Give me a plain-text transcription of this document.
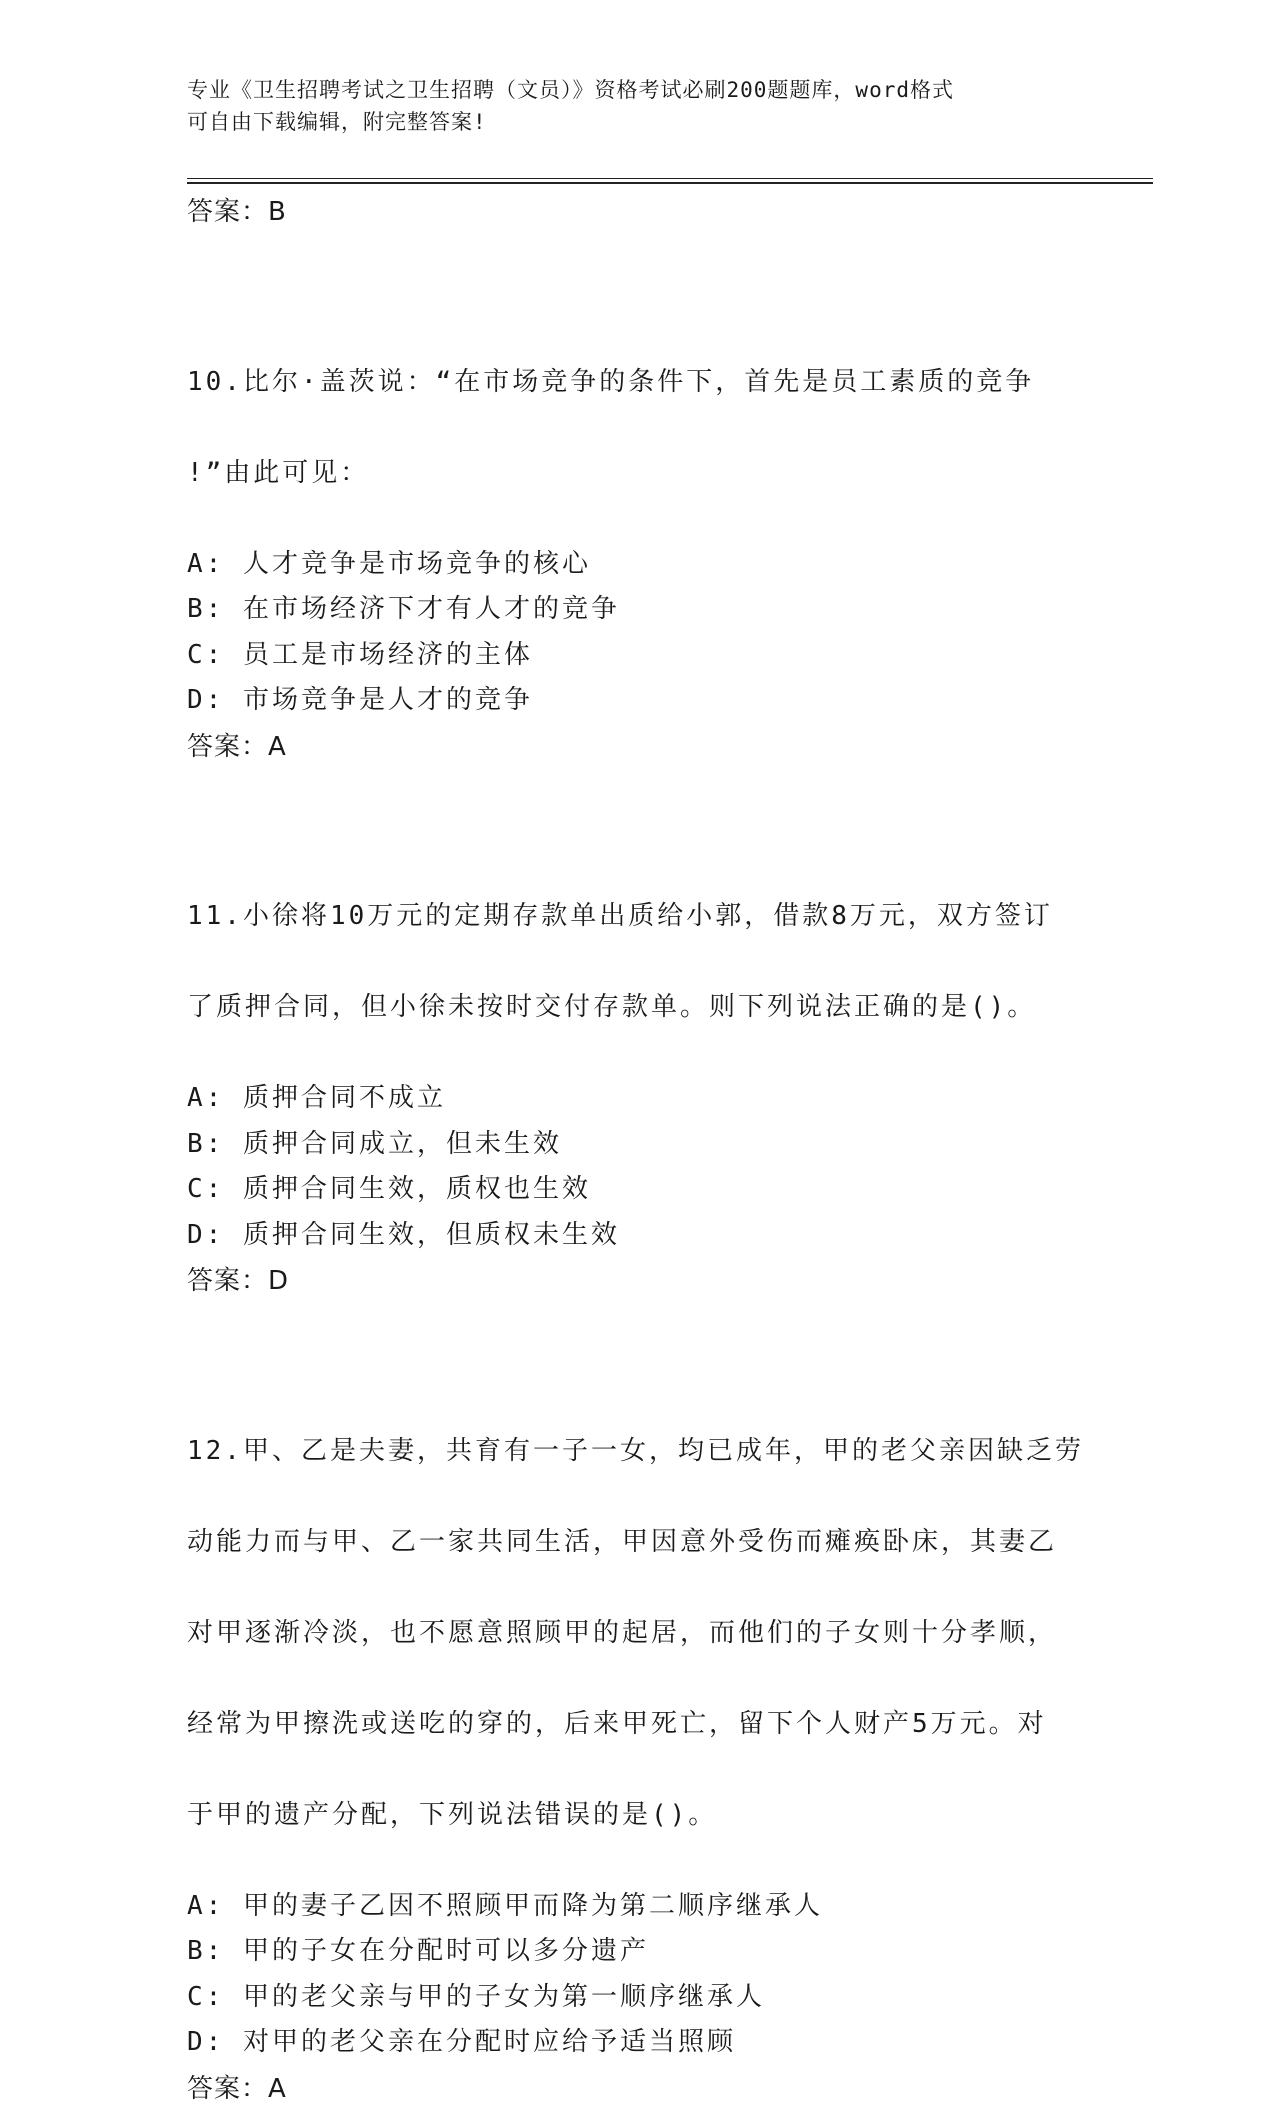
专业《卫生招聘考试之卫生招聘（文员）》资格考试必刷200题题库，word格式
可自由下载编辑，附完整答案!
答案：B

10.比尔·盖茨说：“在市场竞争的条件下，首先是员工素质的竞争

!”由此可见：

A: 人才竞争是市场竞争的核心
B: 在市场经济下才有人才的竞争
C: 员工是市场经济的主体
D: 市场竞争是人才的竞争
答案：A

11.小徐将10万元的定期存款单出质给小郭，借款8万元，双方签订

了质押合同，但小徐未按时交付存款单。则下列说法正确的是()。

A: 质押合同不成立
B: 质押合同成立，但未生效
C: 质押合同生效，质权也生效
D: 质押合同生效，但质权未生效
答案：D

12.甲、乙是夫妻，共育有一子一女，均已成年，甲的老父亲因缺乏劳

动能力而与甲、乙一家共同生活，甲因意外受伤而瘫痪卧床，其妻乙

对甲逐渐冷淡，也不愿意照顾甲的起居，而他们的子女则十分孝顺，

经常为甲擦洗或送吃的穿的，后来甲死亡，留下个人财产5万元。对

于甲的遗产分配，下列说法错误的是()。

A: 甲的妻子乙因不照顾甲而降为第二顺序继承人
B: 甲的子女在分配时可以多分遗产
C: 甲的老父亲与甲的子女为第一顺序继承人
D: 对甲的老父亲在分配时应给予适当照顾
答案：A
